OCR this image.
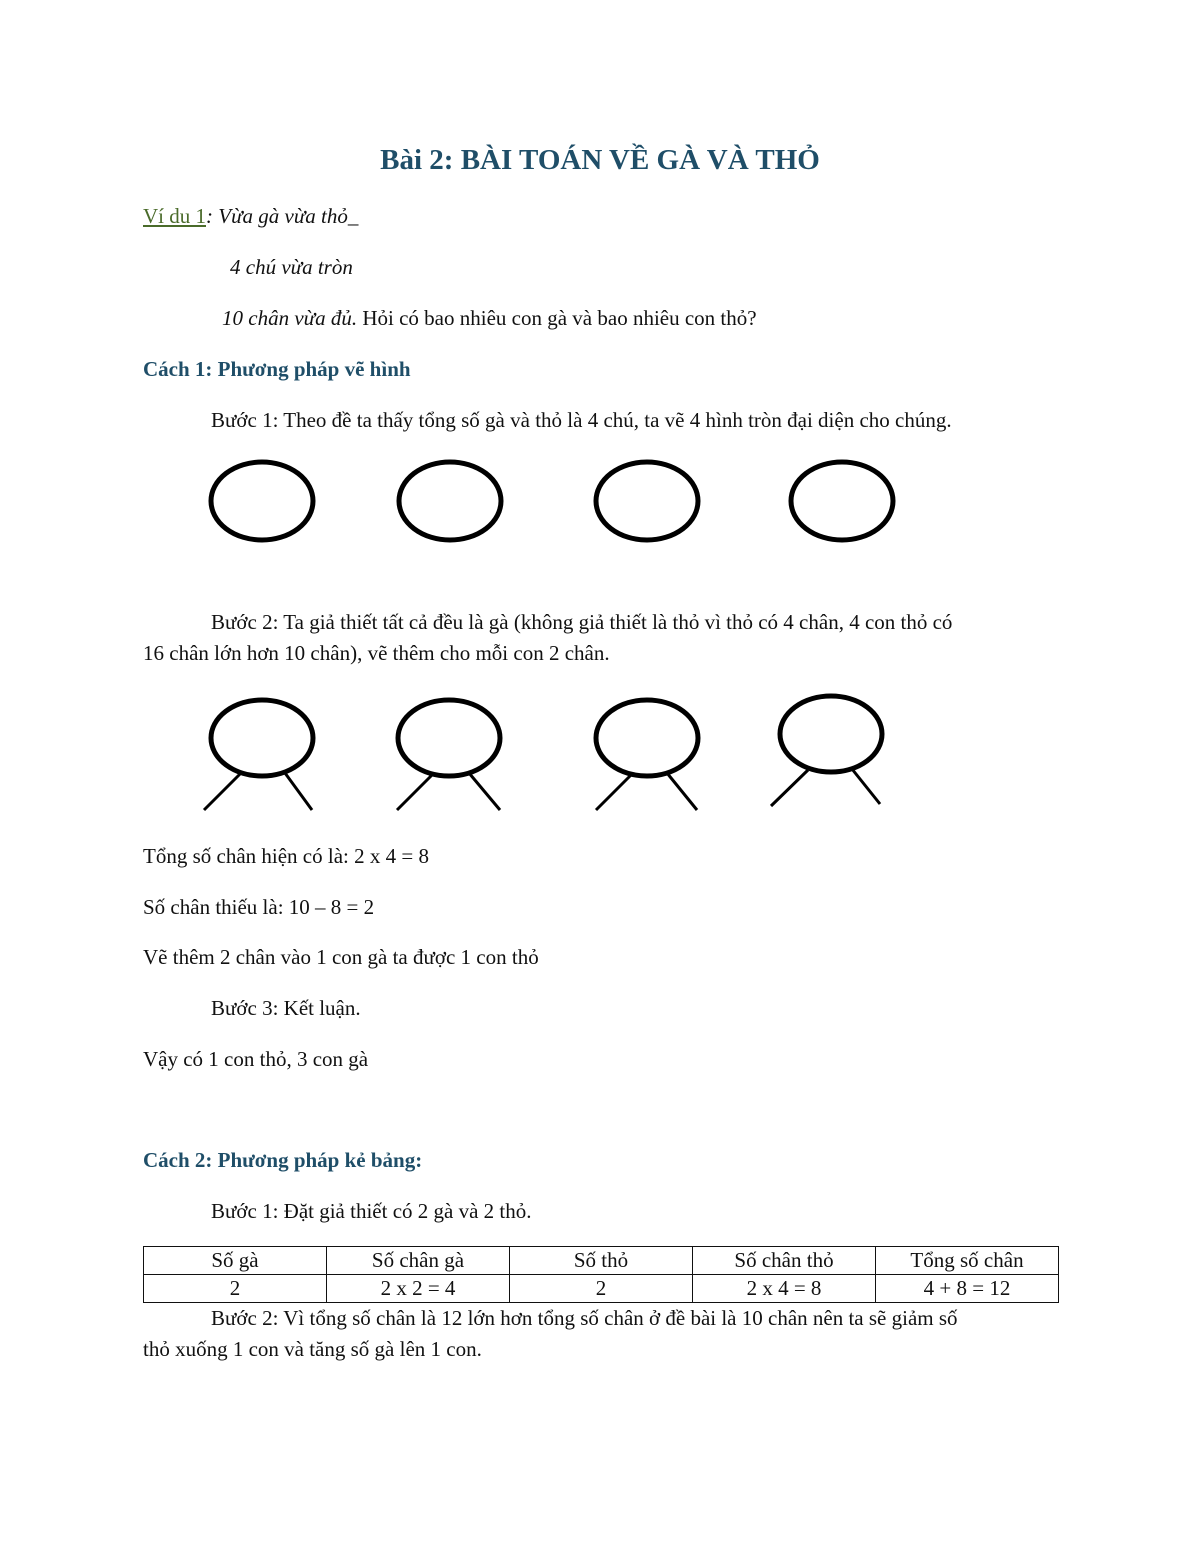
Bài 2: BÀI TOÁN VỀ GÀ VÀ THỎ
Ví du 1: Vừa gà vừa thỏ_
4 chú vừa tròn
10 chân vừa đủ. Hỏi có bao nhiêu con gà và bao nhiêu con thỏ?
Cách 1: Phương pháp vẽ hình
Bước 1: Theo đề ta thấy tổng số gà và thỏ là 4 chú, ta vẽ 4 hình tròn đại diện cho chúng.
Bước 2: Ta giả thiết tất cả đều là gà (không giả thiết là thỏ vì thỏ có 4 chân, 4 con thỏ có
16 chân lớn hơn 10 chân), vẽ thêm cho mỗi con 2 chân.
Tổng số chân hiện có là: 2 x 4 = 8
Số chân thiếu là: 10 – 8 = 2
Vẽ thêm 2 chân vào 1 con gà ta được 1 con thỏ
Bước 3: Kết luận.
Vậy có 1 con thỏ, 3 con gà
Cách 2: Phương pháp kẻ bảng:
Bước 1: Đặt giả thiết có 2 gà và 2 thỏ.
Số gà	Số chân gà	Số thỏ	Số chân thỏ	Tổng số chân
2	2 x 2 = 4	2	2 x 4 = 8	4 + 8 = 12
Bước 2: Vì tổng số chân là 12 lớn hơn tổng số chân ở đề bài là 10 chân nên ta sẽ giảm số
thỏ xuống 1 con và tăng số gà lên 1 con.
